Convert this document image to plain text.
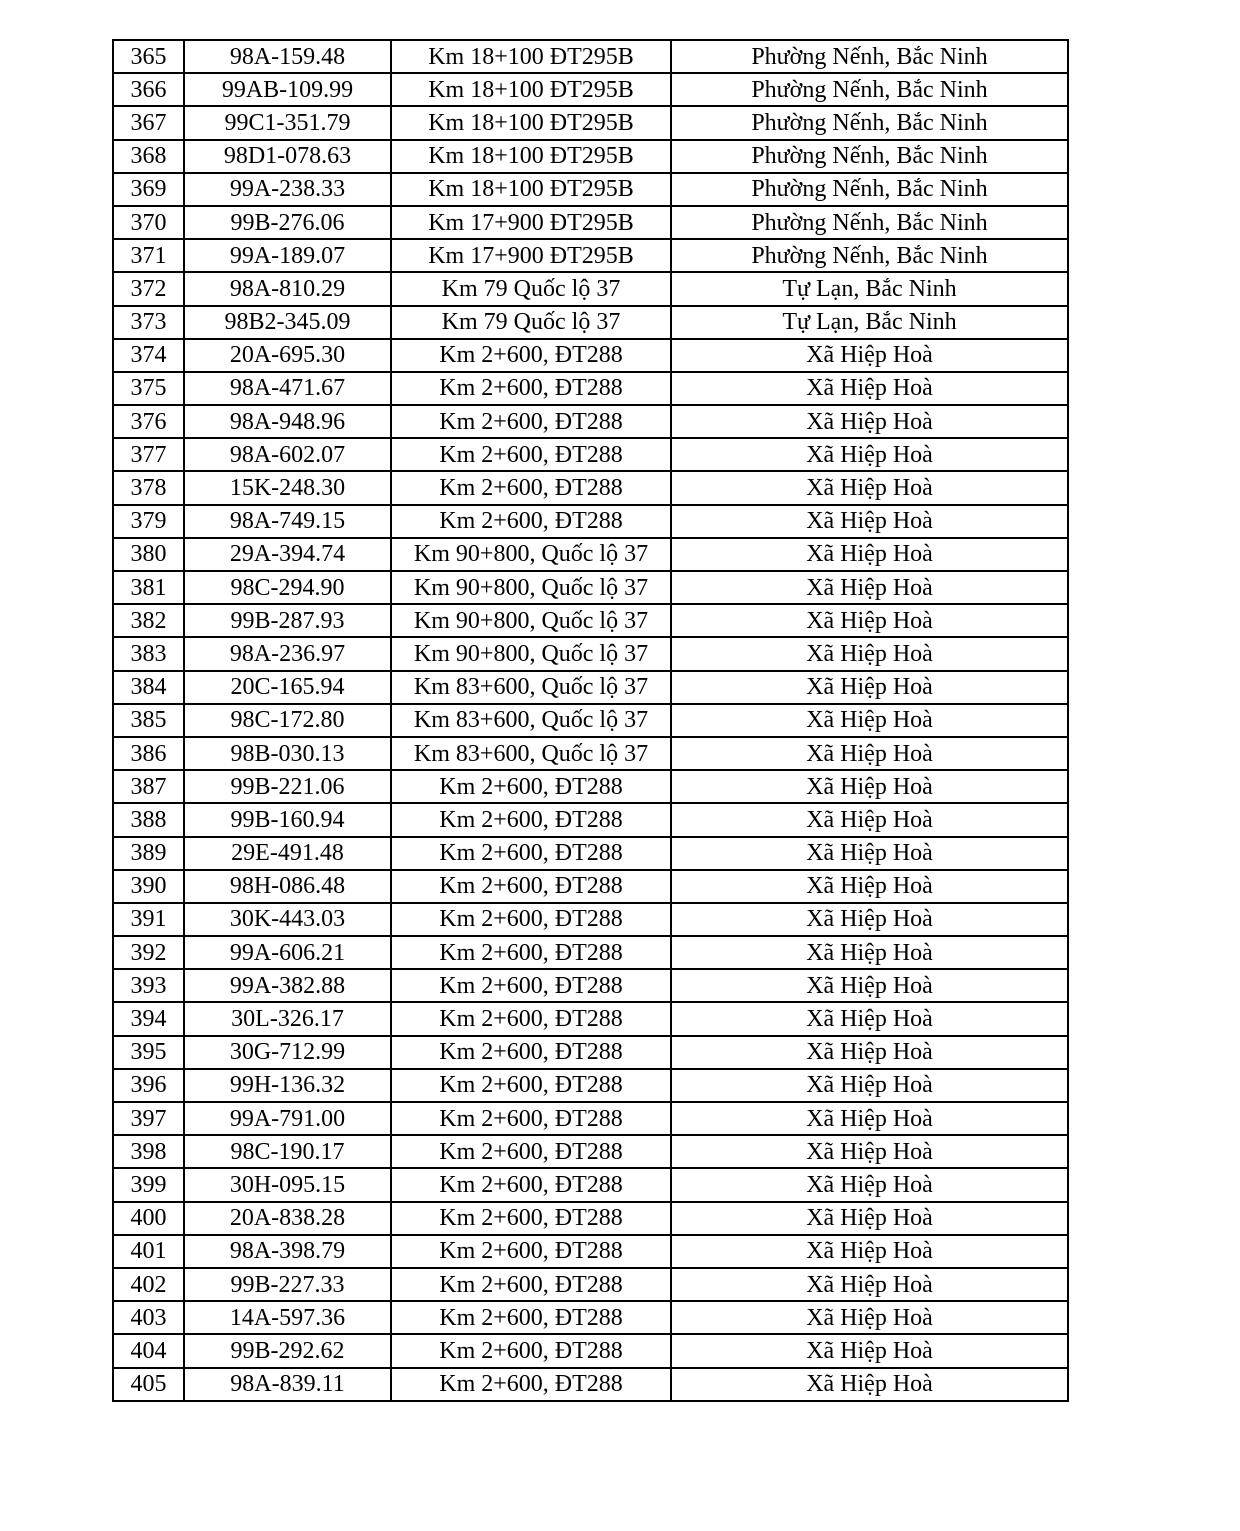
365	98A-159.48	Km 18+100 ĐT295B	Phường Nếnh, Bắc Ninh
366	99AB-109.99	Km 18+100 ĐT295B	Phường Nếnh, Bắc Ninh
367	99C1-351.79	Km 18+100 ĐT295B	Phường Nếnh, Bắc Ninh
368	98D1-078.63	Km 18+100 ĐT295B	Phường Nếnh, Bắc Ninh
369	99A-238.33	Km 18+100 ĐT295B	Phường Nếnh, Bắc Ninh
370	99B-276.06	Km 17+900 ĐT295B	Phường Nếnh, Bắc Ninh
371	99A-189.07	Km 17+900 ĐT295B	Phường Nếnh, Bắc Ninh
372	98A-810.29	Km 79 Quốc lộ 37	Tự Lạn, Bắc Ninh
373	98B2-345.09	Km 79 Quốc lộ 37	Tự Lạn, Bắc Ninh
374	20A-695.30	Km 2+600, ĐT288	Xã Hiệp Hoà
375	98A-471.67	Km 2+600, ĐT288	Xã Hiệp Hoà
376	98A-948.96	Km 2+600, ĐT288	Xã Hiệp Hoà
377	98A-602.07	Km 2+600, ĐT288	Xã Hiệp Hoà
378	15K-248.30	Km 2+600, ĐT288	Xã Hiệp Hoà
379	98A-749.15	Km 2+600, ĐT288	Xã Hiệp Hoà
380	29A-394.74	Km 90+800, Quốc lộ 37	Xã Hiệp Hoà
381	98C-294.90	Km 90+800, Quốc lộ 37	Xã Hiệp Hoà
382	99B-287.93	Km 90+800, Quốc lộ 37	Xã Hiệp Hoà
383	98A-236.97	Km 90+800, Quốc lộ 37	Xã Hiệp Hoà
384	20C-165.94	Km 83+600, Quốc lộ 37	Xã Hiệp Hoà
385	98C-172.80	Km 83+600, Quốc lộ 37	Xã Hiệp Hoà
386	98B-030.13	Km 83+600, Quốc lộ 37	Xã Hiệp Hoà
387	99B-221.06	Km 2+600, ĐT288	Xã Hiệp Hoà
388	99B-160.94	Km 2+600, ĐT288	Xã Hiệp Hoà
389	29E-491.48	Km 2+600, ĐT288	Xã Hiệp Hoà
390	98H-086.48	Km 2+600, ĐT288	Xã Hiệp Hoà
391	30K-443.03	Km 2+600, ĐT288	Xã Hiệp Hoà
392	99A-606.21	Km 2+600, ĐT288	Xã Hiệp Hoà
393	99A-382.88	Km 2+600, ĐT288	Xã Hiệp Hoà
394	30L-326.17	Km 2+600, ĐT288	Xã Hiệp Hoà
395	30G-712.99	Km 2+600, ĐT288	Xã Hiệp Hoà
396	99H-136.32	Km 2+600, ĐT288	Xã Hiệp Hoà
397	99A-791.00	Km 2+600, ĐT288	Xã Hiệp Hoà
398	98C-190.17	Km 2+600, ĐT288	Xã Hiệp Hoà
399	30H-095.15	Km 2+600, ĐT288	Xã Hiệp Hoà
400	20A-838.28	Km 2+600, ĐT288	Xã Hiệp Hoà
401	98A-398.79	Km 2+600, ĐT288	Xã Hiệp Hoà
402	99B-227.33	Km 2+600, ĐT288	Xã Hiệp Hoà
403	14A-597.36	Km 2+600, ĐT288	Xã Hiệp Hoà
404	99B-292.62	Km 2+600, ĐT288	Xã Hiệp Hoà
405	98A-839.11	Km 2+600, ĐT288	Xã Hiệp Hoà
